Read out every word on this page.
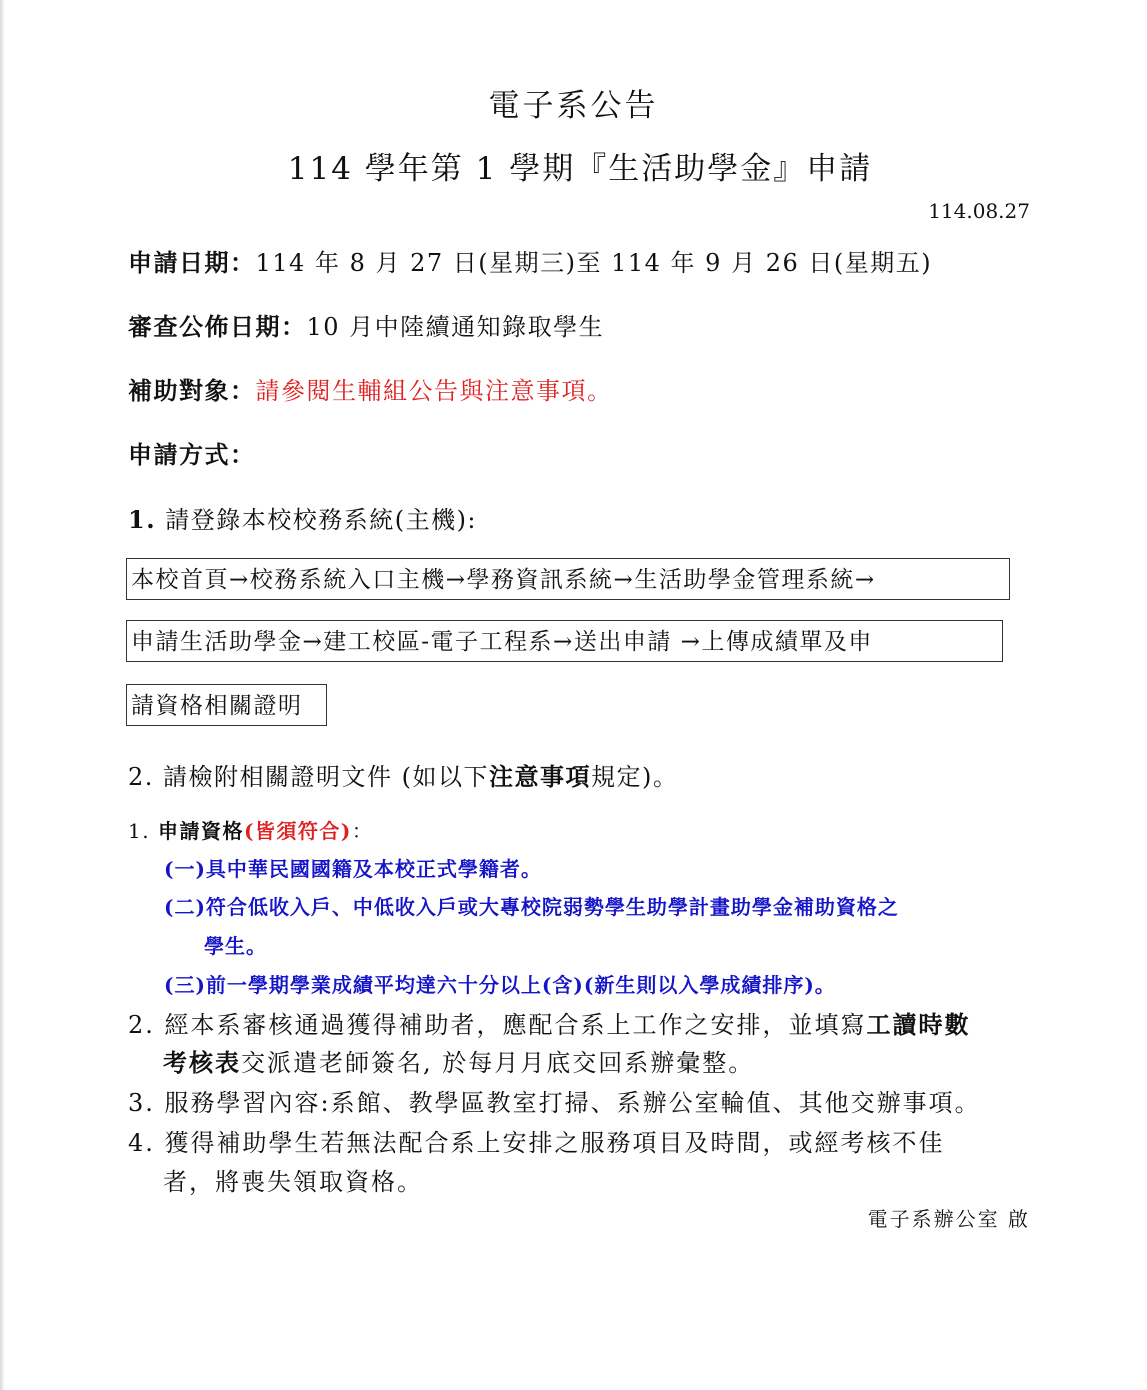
電子系公告
114 學年第 1 學期『生活助學金』申請
114.08.27
申請日期：114 年 8 月 27 日(星期三)至 114 年 9 月 26 日(星期五)
審查公佈日期：10 月中陸續通知錄取學生
補助對象：請參閱生輔組公告與注意事項。
申請方式：
1. 請登錄本校校務系統(主機):
本校首頁→校務系統入口主機→學務資訊系統→生活助學金管理系統→
申請生活助學金→建工校區-電子工程系→送出申請 →上傳成績單及申
請資格相關證明
2. 請檢附相關證明文件 (如以下注意事項規定)。
1. 申請資格(皆須符合)：
(一)具中華民國國籍及本校正式學籍者。
(二)符合低收入戶、中低收入戶或大專校院弱勢學生助學計畫助學金補助資格之
學生。
(三)前一學期學業成績平均達六十分以上(含)(新生則以入學成績排序)。
2. 經本系審核通過獲得補助者，應配合系上工作之安排，並填寫工讀時數
考核表交派遣老師簽名, 於每月月底交回系辦彙整。
3. 服務學習內容:系館、教學區教室打掃、系辦公室輪值、其他交辦事項。
4. 獲得補助學生若無法配合系上安排之服務項目及時間，或經考核不佳
者，將喪失領取資格。
電子系辦公室 啟
